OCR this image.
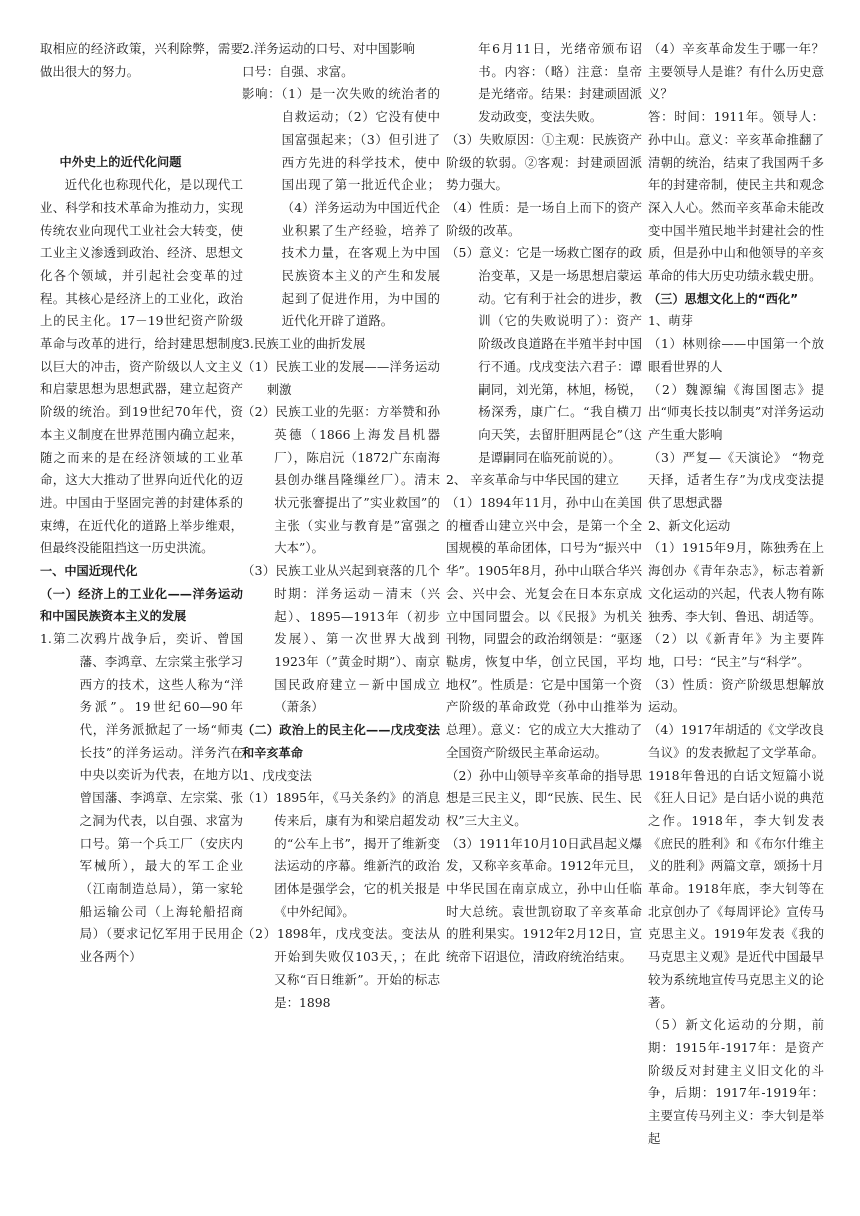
取相应的经济政策，兴利除弊，需要做出很大的努力。

中外史上的近代化问题

近代化也称现代化，是以现代工业、科学和技术革命为推动力，实现传统农业向现代工业社会大转变，使工业主义渗透到政治、经济、思想文化各个领域，并引起社会变革的过程。其核心是经济上的工业化，政治上的民主化。17－19世纪资产阶级革命与改革的进行，给封建思想制度以巨大的冲击，资产阶级以人文主义和启蒙思想为思想武器，建立起资产阶级的统治。到19世纪70年代，资本主义制度在世界范围内确立起来，随之而来的是在经济领域的工业革命，这大大推动了世界向近代化的迈进。中国由于坚固完善的封建体系的束缚，在近代化的道路上举步维艰，但最终没能阻挡这一历史洪流。

一、中国近现代化

（一）经济上的工业化——洋务运动和中国民族资本主义的发展

1.第二次鸦片战争后，奕䜣、曾国藩、李鸿章、左宗棠主张学习西方的技术，这些人称为“洋务派”。19世纪60—90年代，洋务派掀起了一场“师夷长技”的洋务运动。洋务汽在中央以奕䜣为代表，在地方以曾国藩、李鸿章、左宗棠、张之洞为代表，以自强、求富为口号。第一个兵工厂（安庆内军械所），最大的军工企业（江南制造总局），第一家轮船运输公司（上海轮船招商局）（要求记忆军用于民用企业各两个）

2.洋务运动的口号、对中国影响

口号：自强、求富。

影响：（1）是一次失败的统治者的自救运动；（2）它没有使中国富强起来；（3）但引进了西方先进的科学技术，使中国出现了第一批近代企业；（4）洋务运动为中国近代企业积累了生产经验，培养了技术力量，在客观上为中国民族资本主义的产生和发展起到了促进作用，为中国的近代化开辟了道路。

3.民族工业的曲折发展

（1）民族工业的发展——洋务运动刺激

（2）民族工业的先驱：方举赞和孙英德（1866上海发昌机器厂），陈启沅（1872广东南海县创办继昌隆缫丝厂）。清末状元张謇提出了”实业救国”的主张（实业与教育是”富强之大本”）。

（3）民族工业从兴起到衰落的几个时期：洋务运动－清末（兴起）、1895—1913年（初步发展）、第一次世界大战到1923年（”黄金时期”）、南京国民政府建立－新中国成立（萧条）

（二）政治上的民主化——戊戌变法和辛亥革命

1、戊戌变法

（1）1895年，《马关条约》的消息传来后，康有为和梁启超发动的“公车上书”，揭开了维新变法运动的序幕。维新汽的政治团体是强学会，它的机关报是《中外纪闻》。

（2）1898年，戊戌变法。变法从开始到失败仅103天，；在此又称“百日维新”。开始的标志是：1898

年6月11日，光绪帝颁布诏书。内容：（略）注意：皇帝是光绪帝。结果：封建顽固派发动政变，变法失败。

（3）失败原因：①主观：民族资产阶级的软弱。②客观：封建顽固派势力强大。

（4）性质：是一场自上而下的资产阶级的改革。

（5）意义：它是一场救亡图存的政治变革，又是一场思想启蒙运动。它有利于社会的进步，教训（它的失败说明了）：资产阶级改良道路在半殖半封中国行不通。戊戌变法六君子：谭嗣同，刘光第，林旭，杨锐，杨深秀，康广仁。“我自横刀向天笑，去留肝胆两昆仑”（这是谭嗣同在临死前说的）。

2、 辛亥革命与中华民国的建立

（1）1894年11月，孙中山在美国的檀香山建立兴中会，是第一个全国规模的革命团体，口号为“振兴中华”。1905年8月，孙中山联合华兴会、兴中会、光复会在日本东京成立中国同盟会。以《民报》为机关刊物，同盟会的政治纲领是：“驱逐鞑虏，恢复中华，创立民国，平均地权”。性质是：它是中国第一个资产阶级的革命政党（孙中山推举为总理）。意义：它的成立大大推动了全国资产阶级民主革命运动。

（2）孙中山领导辛亥革命的指导思想是三民主义，即“民族、民生、民权”三大主义。

（3）1911年10月10日武昌起义爆发，又称辛亥革命。1912年元旦，中华民国在南京成立，孙中山任临时大总统。袁世凯窃取了辛亥革命的胜利果实。1912年2月12日，宣统帝下诏退位，清政府统治结束。

（4）辛亥革命发生于哪一年？主要领导人是谁？有什么历史意义？

答：时间：1911年。领导人：孙中山。意义：辛亥革命推翻了清朝的统治，结束了我国两千多年的封建帝制，使民主共和观念深入人心。然而辛亥革命未能改变中国半殖民地半封建社会的性质，但是孙中山和他领导的辛亥革命的伟大历史功绩永载史册。

（三）思想文化上的“西化”

1、萌芽

（1）林则徐——中国第一个放眼看世界的人

（2）魏源编《海国图志》提出“师夷长技以制夷”对洋务运动产生重大影响

（3）严复—《天演论》 “物竞天择，适者生存”为戊戌变法提供了思想武器

2、新文化运动

（1）1915年9月，陈独秀在上海创办《青年杂志》，标志着新文化运动的兴起，代表人物有陈独秀、李大钊、鲁迅、胡适等。

（2）以《新青年》为主要阵地，口号：“民主”与“科学”。

（3）性质：资产阶级思想解放运动。

（4）1917年胡适的《文学改良刍议》的发表掀起了文学革命。1918年鲁迅的白话文短篇小说《狂人日记》是白话小说的典范之作。1918年，李大钊发表《庶民的胜利》和《布尔什维主义的胜利》两篇文章，颂扬十月革命。1918年底，李大钊等在北京创办了《每周评论》宣传马克思主义。1919年发表《我的马克思主义观》是近代中国最早较为系统地宣传马克思主义的论著。

（5）新文化运动的分期，前期：1915年-1917年：是资产阶级反对封建主义旧文化的斗争，后期：1917年-1919年：主要宣传马列主义：李大钊是举起
